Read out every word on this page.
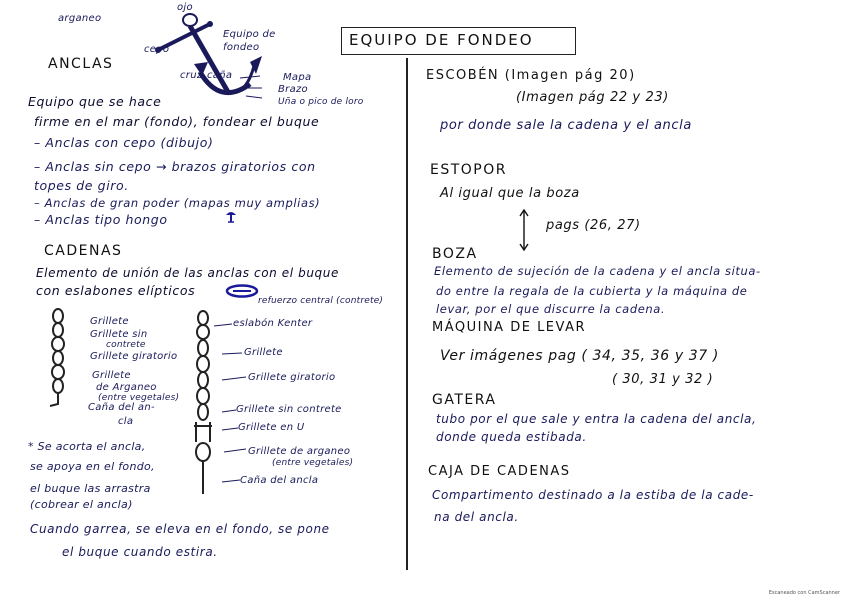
EQUIPO DE FONDEO
arganeo
ojo
cepo
Equipo de fondeo
cruz caña	Mapa
Brazo
Uña o pico de loro
ANCLAS
Equipo que se hace
firme en el mar (fondo), fondear el buque
– Anclas con cepo (dibujo)
– Anclas sin cepo → brazos giratorios con
topes de giro.
– Anclas de gran poder (mapas muy amplias)
– Anclas tipo hongo
CADENAS
Elemento de unión de las anclas con el buque
con eslabones elípticos
refuerzo central (contrete)
Grillete
Grillete sin
contrete
Grillete giratorio
Grillete
de Arganeo
(entre vegetales)
Caña del an-
cla
eslabón Kenter
Grillete
Grillete giratorio
Grillete sin contrete
Grillete en U
Grillete de arganeo
(entre vegetales)
Caña del ancla
* Se acorta el ancla,
se apoya en el fondo,
el buque las arrastra
(cobrear el ancla)
Cuando garrea, se eleva en el fondo, se pone
el buque cuando estira.
ESCOBÉN (Imagen pág 20)
(Imagen pág 22 y 23)
por donde sale la cadena y el ancla
ESTOPOR
Al igual que la boza
pags (26, 27)
BOZA
Elemento de sujeción de la cadena y el ancla situa-
do entre la regala de la cubierta y la máquina de
levar, por el que discurre la cadena.
MÁQUINA DE LEVAR
Ver imágenes pag ( 34, 35, 36 y 37 )
( 30, 31 y 32 )
GATERA
tubo por el que sale y entra la cadena del ancla,
donde queda estibada.
CAJA DE CADENAS
Compartimento destinado a la estiba de la cade-
na del ancla.
Escaneado con CamScanner
